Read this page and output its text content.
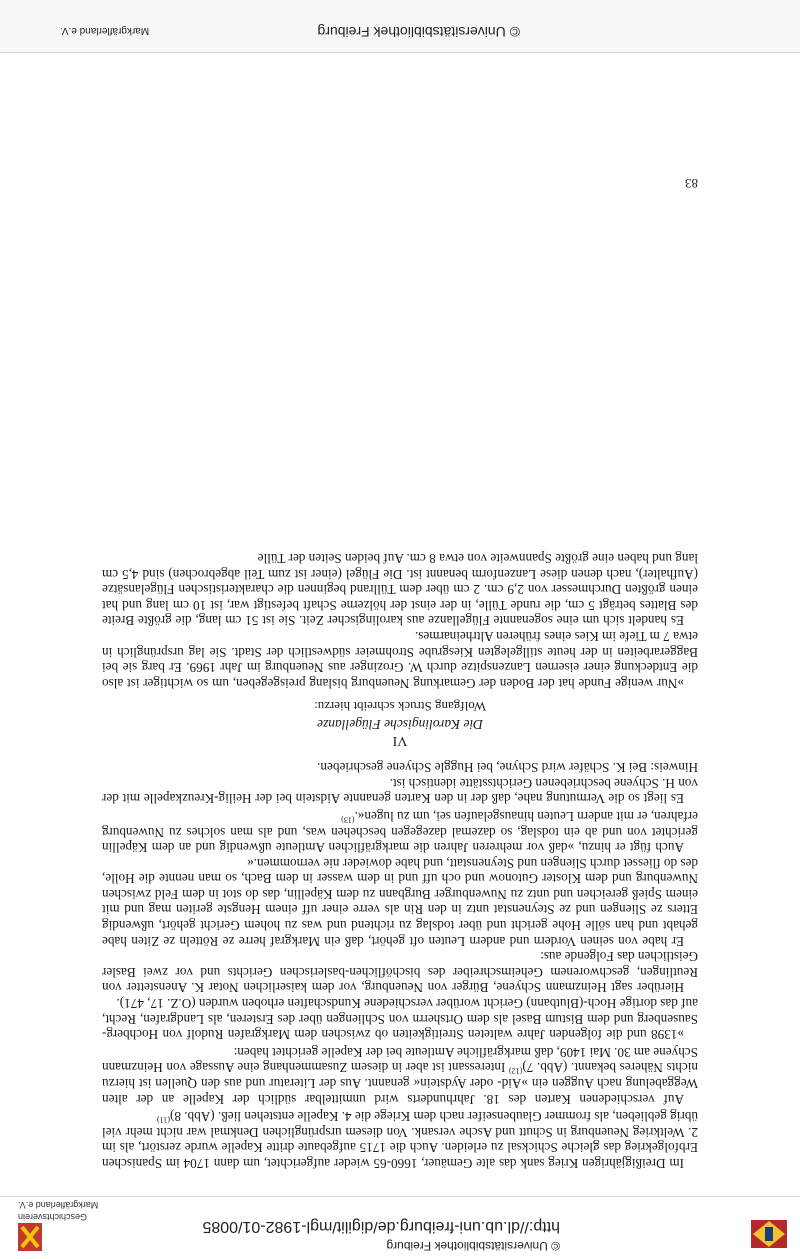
© Universitätsbibliothek Freiburg
http://dl.ub.uni-freiburg.de/digilit/mgl-1982-01/0085
Geschichtsverein
Markgräflerland e.V.

Im Dreißigjährigen Krieg sank das alte Gemäuer, 1660-65 wieder aufgerichtet, um dann 1704 im Spanischen Erbfolgekrieg das gleiche Schicksal zu erleiden. Auch die 1715 aufgebaute dritte Kapelle wurde zerstört, als im 2. Weltkrieg Neuenburg in Schutt und Asche versank. Von diesem ursprünglichen Denkmal war nicht mehr viel übrig geblieben, als frommer Glaubenseifer nach dem Kriege die 4. Kapelle entstehen ließ. (Abb. 8)$^{(11)}$

Auf verschiedenen Karten des 18. Jahrhunderts wird unmittelbar südlich der Kapelle an der alten Weggabelung nach Auggen ein »Aid- oder Aydstein« genannt. Aus der Literatur und aus den Quellen ist hierzu nichts Näheres bekannt. (Abb. 7)$^{(12)}$ Interessant ist aber in diesem Zusammenhang eine Aussage von Heinzmann Schyene am 30. Mai 1409, daß markgräfliche Amtleute bei der Kapelle gerichtet haben:

»1398 und die folgenden Jahre walteten Streitigkeiten ob zwischen dem Markgrafen Rudolf von Hochberg-Sausenberg und dem Bistum Basel als dem Ortsherrn von Schliengen über des Ersteren, als Landgrafen, Recht, auf das dortige Hoch-(Blutbann) Gericht worüber verschiedene Kundschaften erhoben wurden (O.Z. 17, 471).

Hierüber sagt Heinzmann Schyene, Bürger von Neuenburg, vor dem kaiserlichen Notar K. Anenstetter von Reutlingen, geschworenem Geheimschreiber des bischöflichen-baslerischen Gerichts und vor zwei Basler Geistlichen das Folgende aus:

Er habe von seinen Vordern und andern Leuten oft gehört, daß ein Markgraf herre ze Rötteln ze Ziten habe gehabt und han sölle Hohe gericht und über todslag zu richtend und was zu hohem Gericht gehört, ußwendig Etters ze Sliengen und ze Steynenstat untz in den Rin als verre einer uff einem Hengste geriten mag und mit einem Spieß gereichen und untz zu Nuwenburger Burgbann zu dem Käpellin, das do stot in dem Feld zwischen Nuwenburg und dem Kloster Gutonow und och uff und in dem wasser in dem Bach, so man nennte die Holle, des do fliesset durch Sliengen und Steynenstatt, und habe dowieder nie vernommen.«

Auch fügt er hinzu, »daß vor mehreren Jahren die markgräflichen Amtleute ußwendig und an dem Käpellin gerichtet von und ab ein todslag, so dazemal dazegegen beschehen was, und als man solches zu Nuwenburg erfahren, er mit andern Leuten hinausgelaufen sei, um zu lugen«.$^{(13)}$

Es liegt so die Vermutung nahe, daß der in den Karten genannte Aidstein bei der Heilig-Kreuzkapelle mit der von H. Schyene beschriebenen Gerichtsstätte identisch ist.

Hinweis: Bei K. Schäfer wird Schyne, bei Huggle Schyene geschrieben.

VI
Die Karolingische Flügellanze
Wolfgang Struck schreibt hierzu:

»Nur wenige Funde hat der Boden der Gemarkung Neuenburg bislang preisgegeben, um so wichtiger ist also die Entdeckung einer eisernen Lanzenspitze durch W. Grozinger aus Neuenburg im Jahr 1969. Er barg sie bei Baggerarbeiten in der heute stillgelegten Kiesgrube Strohmeier südwestlich der Stadt. Sie lag ursprünglich in etwa 7 m Tiefe im Kies eines früheren Altrheinarmes.

Es handelt sich um eine sogenannte Flügellanze aus karolingischer Zeit. Sie ist 51 cm lang, die größte Breite des Blattes beträgt 5 cm, die runde Tülle, in der einst der hölzerne Schaft befestigt war, ist 10 cm lang und hat einen größten Durchmesser von 2,9 cm. 2 cm über dem Tüllrand beginnen die charakteristischen Flügelansätze (Aufhalter), nach denen diese Lanzenform benannt ist. Die Flügel (einer ist zum Teil abgebrochen) sind 4,5 cm lang und haben eine größte Spannweite von etwa 8 cm. Auf beiden Seiten der Tülle

83
© Universitätsbibliothek Freiburg
Markgräflerland e.V.
